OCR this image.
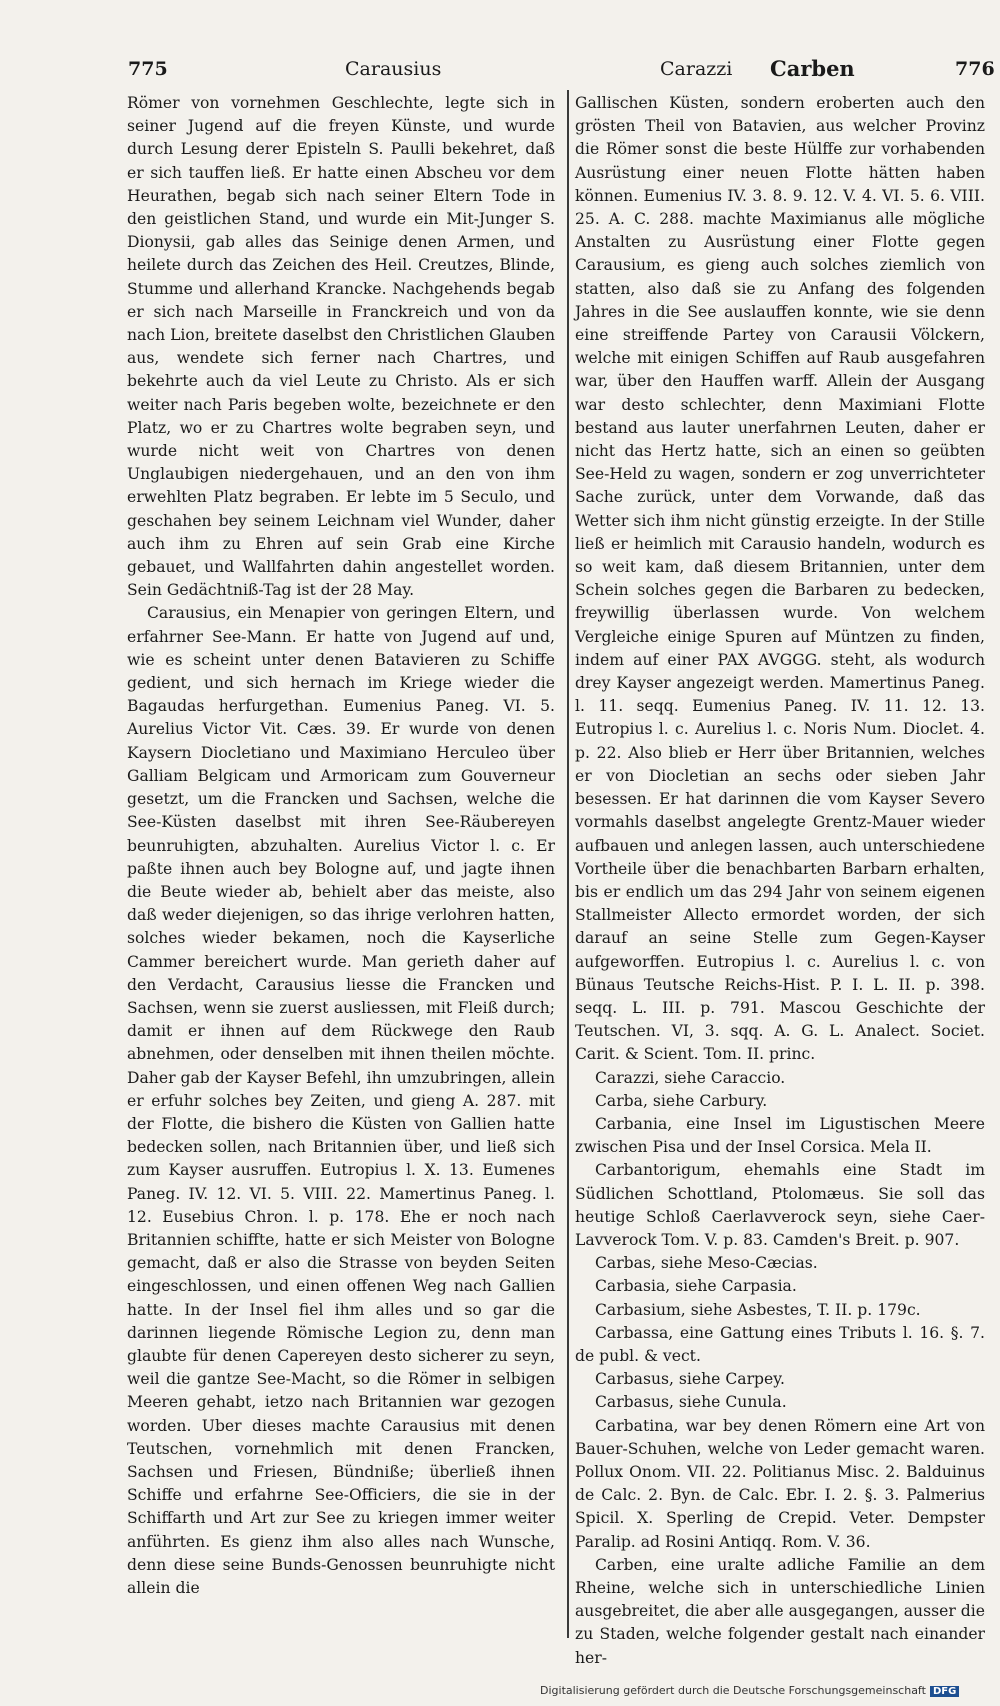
775	Carausius	Carazzi Carben	776

Römer von vornehmen Geschlechte, legte sich in seiner Jugend auf die freyen Künste, und wurde durch Lesung derer Episteln S. Paulli bekehret, daß er sich tauffen ließ. Er hatte einen Abscheu vor dem Heurathen, begab sich nach seiner Eltern Tode in den geistlichen Stand, und wurde ein Mit-Junger S. Dionysii, gab alles das Seinige denen Armen, und heilete durch das Zeichen des Heil. Creutzes, Blinde, Stumme und allerhand Krancke. Nachgehends begab er sich nach Marseille in Franckreich und von da nach Lion, breitete daselbst den Christlichen Glauben aus, wendete sich ferner nach Chartres, und bekehrte auch da viel Leute zu Christo. Als er sich weiter nach Paris begeben wolte, bezeichnete er den Platz, wo er zu Chartres wolte begraben seyn, und wurde nicht weit von Chartres von denen Unglaubigen niedergehauen, und an den von ihm erwehlten Platz begraben. Er lebte im 5 Seculo, und geschahen bey seinem Leichnam viel Wunder, daher auch ihm zu Ehren auf sein Grab eine Kirche gebauet, und Wallfahrten dahin angestellet worden. Sein Gedächtniß-Tag ist der 28 May.

Carausius, ein Menapier von geringen Eltern, und erfahrner See-Mann. Er hatte von Jugend auf und, wie es scheint unter denen Batavieren zu Schiffe gedient, und sich hernach im Kriege wieder die Bagaudas herfurgethan. Eumenius Paneg. VI. 5. Aurelius Victor Vit. Cæs. 39. Er wurde von denen Kaysern Diocletiano und Maximiano Herculeo über Galliam Belgicam und Armoricam zum Gouverneur gesetzt, um die Francken und Sachsen, welche die See-Küsten daselbst mit ihren See-Räubereyen beunruhigten, abzuhalten. Aurelius Victor l. c. Er paßte ihnen auch bey Bologne auf, und jagte ihnen die Beute wieder ab, behielt aber das meiste, also daß weder diejenigen, so das ihrige verlohren hatten, solches wieder bekamen, noch die Kayserliche Cammer bereichert wurde. Man gerieth daher auf den Verdacht, Carausius liesse die Francken und Sachsen, wenn sie zuerst ausliessen, mit Fleiß durch; damit er ihnen auf dem Rückwege den Raub abnehmen, oder denselben mit ihnen theilen möchte. Daher gab der Kayser Befehl, ihn umzubringen, allein er erfuhr solches bey Zeiten, und gieng A. 287. mit der Flotte, die bishero die Küsten von Gallien hatte bedecken sollen, nach Britannien über, und ließ sich zum Kayser ausruffen. Eutropius l. X. 13. Eumenes Paneg. IV. 12. VI. 5. VIII. 22. Mamertinus Paneg. l. 12. Eusebius Chron. l. p. 178. Ehe er noch nach Britannien schiffte, hatte er sich Meister von Bologne gemacht, daß er also die Strasse von beyden Seiten eingeschlossen, und einen offenen Weg nach Gallien hatte. In der Insel fiel ihm alles und so gar die darinnen liegende Römische Legion zu, denn man glaubte für denen Capereyen desto sicherer zu seyn, weil die gantze See-Macht, so die Römer in selbigen Meeren gehabt, ietzo nach Britannien war gezogen worden. Uber dieses machte Carausius mit denen Teutschen, vornehmlich mit denen Francken, Sachsen und Friesen, Bündniße; überließ ihnen Schiffe und erfahrne See-Officiers, die sie in der Schiffarth und Art zur See zu kriegen immer weiter anführten. Es gienz ihm also alles nach Wunsche, denn diese seine Bunds-Genossen beunruhigte nicht allein die

Gallischen Küsten, sondern eroberten auch den grösten Theil von Batavien, aus welcher Provinz die Römer sonst die beste Hülffe zur vorhabenden Ausrüstung einer neuen Flotte hätten haben können. Eumenius IV. 3. 8. 9. 12. V. 4. VI. 5. 6. VIII. 25. A. C. 288. machte Maximianus alle mögliche Anstalten zu Ausrüstung einer Flotte gegen Carausium, es gieng auch solches ziemlich von statten, also daß sie zu Anfang des folgenden Jahres in die See auslauffen konnte, wie sie denn eine streiffende Partey von Carausii Völckern, welche mit einigen Schiffen auf Raub ausgefahren war, über den Hauffen warff. Allein der Ausgang war desto schlechter, denn Maximiani Flotte bestand aus lauter unerfahrnen Leuten, daher er nicht das Hertz hatte, sich an einen so geübten See-Held zu wagen, sondern er zog unverrichteter Sache zurück, unter dem Vorwande, daß das Wetter sich ihm nicht günstig erzeigte. In der Stille ließ er heimlich mit Carausio handeln, wodurch es so weit kam, daß diesem Britannien, unter dem Schein solches gegen die Barbaren zu bedecken, freywillig überlassen wurde. Von welchem Vergleiche einige Spuren auf Müntzen zu finden, indem auf einer PAX AVGGG. steht, als wodurch drey Kayser angezeigt werden. Mamertinus Paneg. l. 11. seqq. Eumenius Paneg. IV. 11. 12. 13. Eutropius l. c. Aurelius l. c. Noris Num. Dioclet. 4. p. 22. Also blieb er Herr über Britannien, welches er von Diocletian an sechs oder sieben Jahr besessen. Er hat darinnen die vom Kayser Severo vormahls daselbst angelegte Grentz-Mauer wieder aufbauen und anlegen lassen, auch unterschiedene Vortheile über die benachbarten Barbarn erhalten, bis er endlich um das 294 Jahr von seinem eigenen Stallmeister Allecto ermordet worden, der sich darauf an seine Stelle zum Gegen-Kayser aufgeworffen. Eutropius l. c. Aurelius l. c. von Bünaus Teutsche Reichs-Hist. P. I. L. II. p. 398. seqq. L. III. p. 791. Mascou Geschichte der Teutschen. VI, 3. sqq. A. G. L. Analect. Societ. Carit. & Scient. Tom. II. princ.

Carazzi, siehe Caraccio.

Carba, siehe Carbury.

Carbania, eine Insel im Ligustischen Meere zwischen Pisa und der Insel Corsica. Mela II.

Carbantorigum, ehemahls eine Stadt im Südlichen Schottland, Ptolomæus. Sie soll das heutige Schloß Caerlavverock seyn, siehe Caer-Lavverock Tom. V. p. 83. Camden's Breit. p. 907.

Carbas, siehe Meso-Cæcias.

Carbasia, siehe Carpasia.

Carbasium, siehe Asbestes, T. II. p. 179c.

Carbassa, eine Gattung eines Tributs l. 16. §. 7. de publ. & vect.

Carbasus, siehe Carpey.

Carbasus, siehe Cunula.

Carbatina, war bey denen Römern eine Art von Bauer-Schuhen, welche von Leder gemacht waren. Pollux Onom. VII. 22. Politianus Misc. 2. Balduinus de Calc. 2. Byn. de Calc. Ebr. I. 2. §. 3. Palmerius Spicil. X. Sperling de Crepid. Veter. Dempster Paralip. ad Rosini Antiqq. Rom. V. 36.

Carben, eine uralte adliche Familie an dem Rheine, welche sich in unterschiedliche Linien ausgebreitet, die aber alle ausgegangen, ausser die zu Staden, welche folgender gestalt nach einander her-

Digitalisierung gefördert durch die Deutsche Forschungsgemeinschaft DFG
